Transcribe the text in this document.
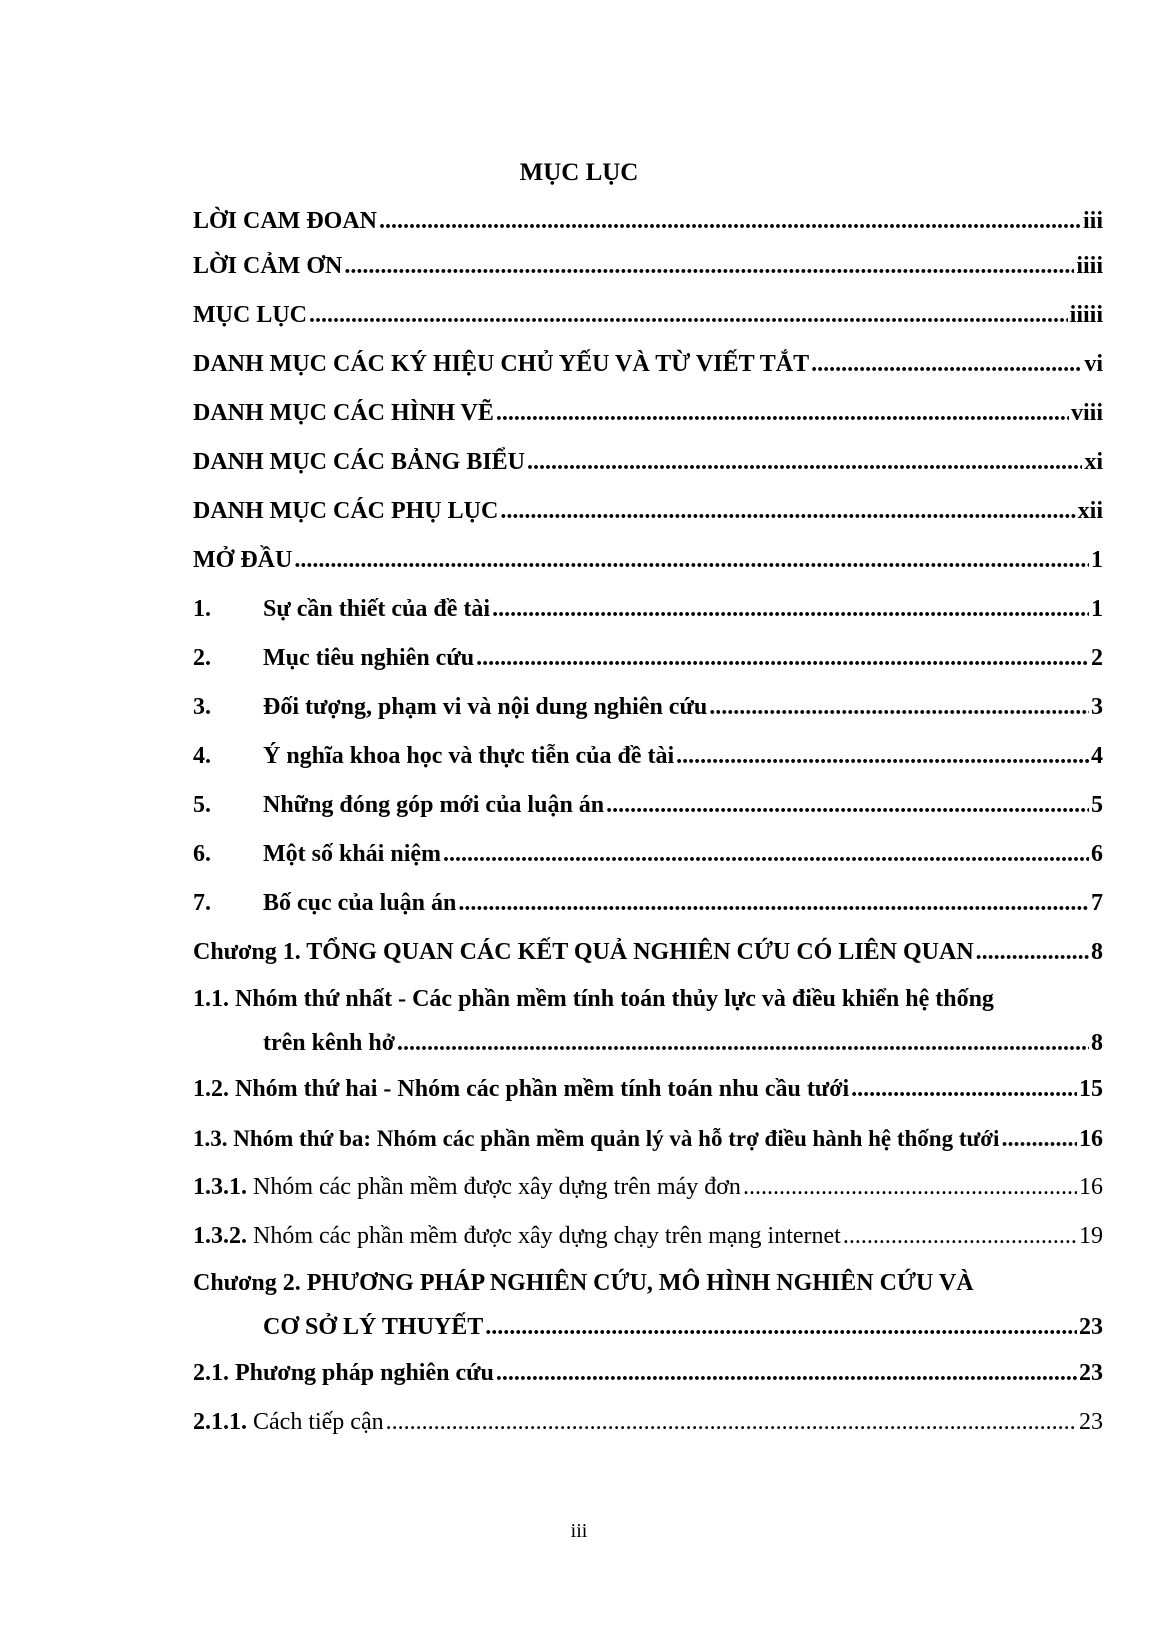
MỤC LỤC
LỜI CAM ĐOAN .....	iii
LỜI CẢM ƠN .....	iiii
MỤC LỤC .....	iiiii
DANH MỤC CÁC KÝ HIỆU CHỦ YẾU VÀ TỪ VIẾT TẮT .....	vi
DANH MỤC CÁC HÌNH VẼ .....	viii
DANH MỤC CÁC BẢNG BIỂU .....	xi
DANH MỤC CÁC PHỤ LỤC .....	xii
MỞ ĐẦU .....	1
1.	Sự cần thiết của đề tài .....	1
2.	Mục tiêu nghiên cứu .....	2
3.	Đối tượng, phạm vi và nội dung nghiên cứu .....	3
4.	Ý nghĩa khoa học và thực tiễn của đề tài .....	4
5.	Những đóng góp mới của luận án .....	5
6.	Một số khái niệm .....	6
7.	Bố cục của luận án .....	7
Chương 1. TỔNG QUAN CÁC KẾT QUẢ NGHIÊN CỨU CÓ LIÊN QUAN .....	8
1.1. Nhóm thứ nhất - Các phần mềm tính toán thủy lực và điều khiển hệ thống
trên kênh hở .....	8
1.2. Nhóm thứ hai - Nhóm các phần mềm tính toán nhu cầu tưới .....	15
1.3. Nhóm thứ ba: Nhóm các phần mềm quản lý và hỗ trợ điều hành hệ thống tưới .....	16
1.3.1. Nhóm các phần mềm được xây dựng trên máy đơn .....	16
1.3.2. Nhóm các phần mềm được xây dựng chạy trên mạng internet .....	19
Chương 2. PHƯƠNG PHÁP NGHIÊN CỨU, MÔ HÌNH NGHIÊN CỨU VÀ
CƠ SỞ LÝ THUYẾT .....	23
2.1. Phương pháp nghiên cứu .....	23
2.1.1. Cách tiếp cận .....	23
iii
